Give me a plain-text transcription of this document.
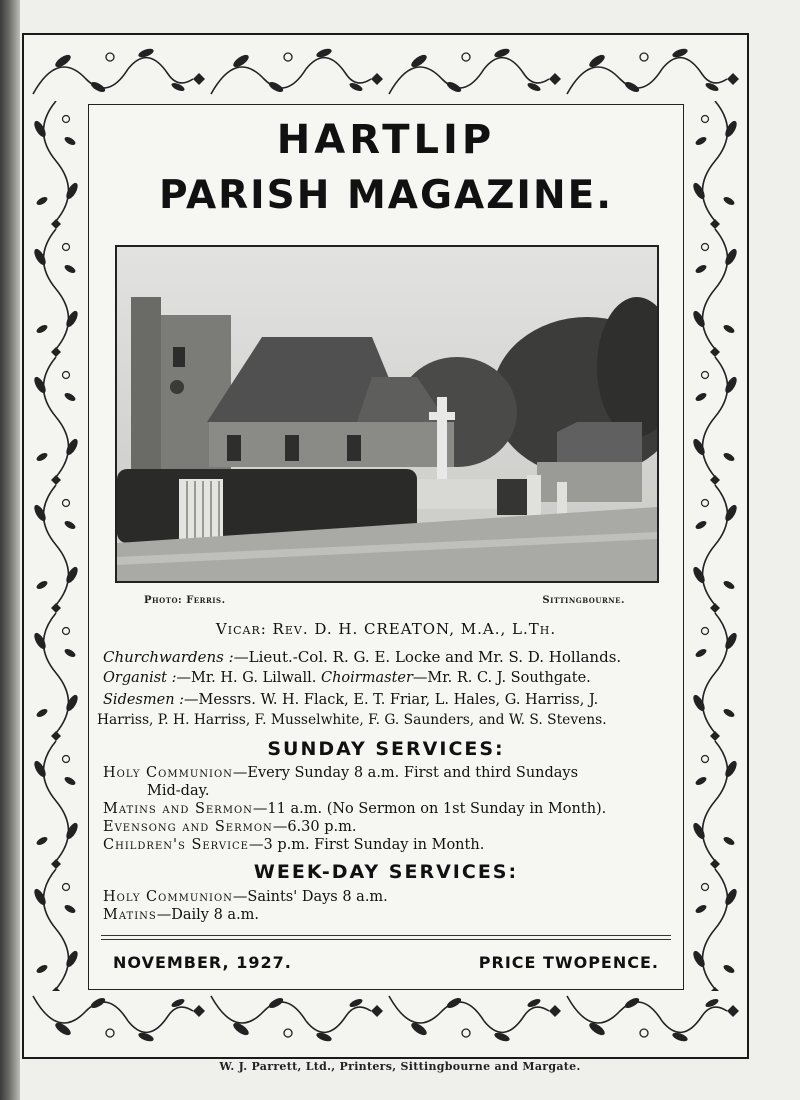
HARTLIP
PARISH MAGAZINE.
Photo: Ferris.	Sittingbourne.
Vicar: Rev. D. H. CREATON, M.A., L.Th.
Churchwardens :—Lieut.-Col. R. G. E. Locke and Mr. S. D. Hollands.
Organist :—Mr. H. G. Lilwall. Choirmaster—Mr. R. C. J. Southgate.
Sidesmen :—Messrs. W. H. Flack, E. T. Friar, L. Hales, G. Harriss, J.
Harriss, P. H. Harriss, F. Musselwhite, F. G. Saunders, and W. S. Stevens.
SUNDAY SERVICES:
Holy Communion—Every Sunday 8 a.m. First and third Sundays
Mid-day.
Matins and Sermon—11 a.m. (No Sermon on 1st Sunday in Month).
Evensong and Sermon—6.30 p.m.
Children's Service—3 p.m. First Sunday in Month.
WEEK-DAY SERVICES:
Holy Communion—Saints' Days 8 a.m.
Matins—Daily 8 a.m.
NOVEMBER, 1927.	PRICE TWOPENCE.
W. J. Parrett, Ltd., Printers, Sittingbourne and Margate.
